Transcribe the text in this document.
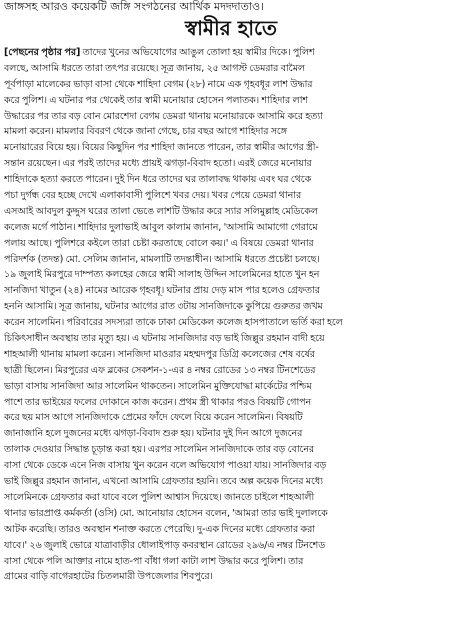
জাঙ্গসহ আরও কয়েকটি জঙ্গি সংগঠনের আর্থিক মদদদাতাও।
স্বামীর হাতে
[পেছনের পৃষ্ঠার পর] তাদের খুনের অভিযোগের আঙুল তোলা হয় স্বামীর দিকে। পুলিশ
বলছে, আসামি ধরতে তারা তৎপর রয়েছে। সূত্র জানায়, ২৫ আগস্ট ডেমরার বামৈল
পূর্বপাড়া মালেকের ভাড়া বাসা থেকে শাহিদা বেগম (২৮) নামে এক গৃহবধূর লাশ উদ্ধার
করে পুলিশ। এ ঘটনার পর থেকেই তার স্বামী মনোয়ার হোসেন পলাতক। শাহিদার লাশ
উদ্ধারের পর তার বড় বোন মোরশেদা বেগম ডেমরা থানায় মনোয়ারকে আসামি করে হত্যা
মামলা করেন। মামলার বিবরণ থেকে জানা গেছে, চার বছর আগে শাহিদার সঙ্গে
মনোয়ারের বিয়ে হয়। বিয়ের কিছুদিন পর শাহিদা জানতে পারেন, তার স্বামীর আগের স্ত্রী-
সন্তান রয়েছেন। এর পরই তাদের মধ্যে প্রায়ই ঝগড়া-বিবাদ হতো। এরই জেরে মনোয়ার
শাহিদাকে হত্যা করতে পারেন। দুই দিন ধরে তাদের ঘর তালাবদ্ধ থাকায় এবং ঘর থেকে
পচা দুর্গন্ধ বের হচ্ছে দেখে এলাকাবাসী পুলিশে খবর দেয়। খবর পেয়ে ডেমরা থানার
এসআই আবদুল কুদ্দুস ঘরের তালা ভেঙে লাশটি উদ্ধার করে স্যার সলিমুল্লাহ মেডিকেল
কলেজ মর্গে পাঠান। শাহিদার দুলাভাই আবুল কালাম জানান, 'আসামি আমাগো গেরামে
পলায় আছে। পুলিশরে কইলে তারা চেষ্টা করতাছে বোলে কয়।' এ বিষয়ে ডেমরা থানার
পরিদর্শক (তদন্ত) মো. সেলিম জানান, মামলাটি তদন্তাধীন। আসামি ধরতে প্রচেষ্টা চলছে।
১৯ জুলাই মিরপুরে দাম্পত্য কলহের জেরে স্বামী সালাহ উদ্দিন সালেমিনের হাতে খুন হন
সানজিদা খাতুন (২৪) নামের আরেক গৃহবধূ। ঘটনার প্রায় দেড় মাস পার হলেও গ্রেফতার
হননি আসামি। সূত্র জানায়, ঘটনার আগের রাত ৩টায় সানজিদাকে কুপিয়ে গুরুতর জখম
করেন সালেমিন। পরিবারের সদস্যরা তাকে ঢাকা মেডিকেল কলেজ হাসপাতালে ভর্তি করা হলে
চিকিৎসাধীন অবস্থায় তার মৃত্যু হয়। এ ঘটনায় সানজিদার বড় ভাই জিল্লুর রহমান বাদী হয়ে
শাহআলী থানায় মামলা করেন। সানজিদা মাওরার মহম্মদপুর ডিগ্রি কলেজের শেষ বর্ষের
ছাত্রী ছিলেন। মিরপুরের এফ ব্লকের সেকশন-১-এর ৪ নম্বর রোডের ১৩ নম্বর টিনশেডের
ভাড়া বাসায় সানজিদা আর সালেমিন থাকতেন। সালেমিন মুক্তিযোদ্ধা মার্কেটের পশ্চিম
পাশে তার ভাইয়ের ফলের দোকানে কাজ করেন। প্রথম স্ত্রী থাকার পরও বিষয়টি গোপন
করে ছয় মাস আগে সানজিদাকে প্রেমের ফাঁদে ফেলে বিয়ে করেন সালেমিন। বিষয়টি
জানাজানি হলে দুজনের মধ্যে ঝগড়া-বিবাদ শুরু হয়। ঘটনার দুই দিন আগে দুজনের
তালাক দেওয়ার সিদ্ধান্ত চূড়ান্ত করা হয়। এরপর সালেমিন সানজিদাকে তার বড় বোনের
বাসা থেকে ডেকে এনে নিজ বাসায় খুন করেন বলে অভিযোগ পাওয়া যায়। সানজিদার বড়
ভাই জিল্লুর রহমান জানান, এখনো আসামি গ্রেফতার হয়নি। তবে অল্প কয়েক দিনের মধ্যে
সালেমিনকে গ্রেফতার করা যাবে বলে পুলিশ আশ্বাস দিয়েছে। জানতে চাইলে শাহআলী
থানার ভারপ্রাপ্ত কর্মকর্তা (ওসি) মো. আনোয়ার হোসেন বলেন, 'আমরা তার ভাই দুলালকে
আটক করেছি। তারও অবস্থান শনাক্ত করতে পেরেছি। দু-এক দিনের মধ্যে গ্রেফতার করা
যাবে।' ২৬ জুলাই ভোরে যাত্রাবাড়ীর ধোলাইপাড় কবরস্থান রোডের ২৯৬/এ নম্বর টিনশেড
বাসা থেকে পলি আক্তার নামে হাত-পা বাঁধা গলা কাটা লাশ উদ্ধার করে পুলিশ। তার
গ্রামের বাড়ি বাগেরহাটের চিতলমারী উপজেলার শিবপুরে।
